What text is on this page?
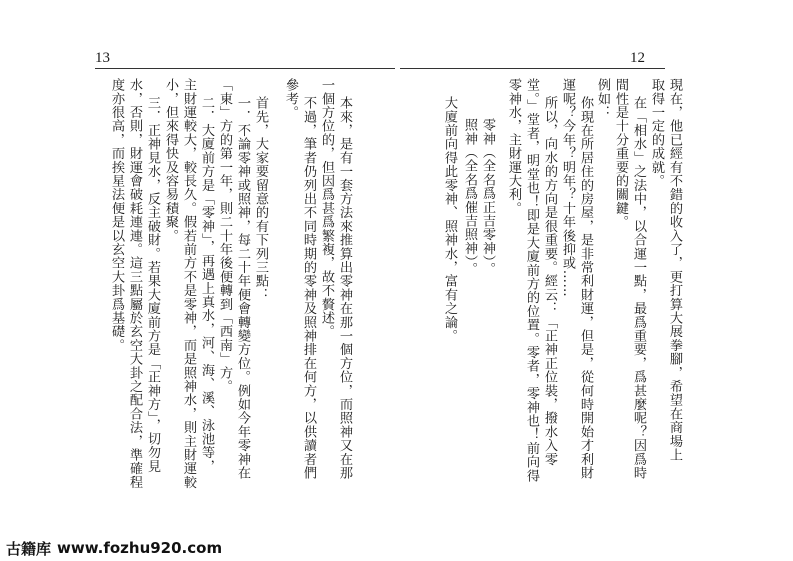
12
現在，他已經有不錯的收入了，更打算大展拳腳，希望在商場上
取得一定的成就。
在「相水」之法中，以合運一點，最爲重要，爲甚麼呢？因爲時
間性是十分重要的關鍵。
例如：
你現在所居住的房屋，是非常利財運，但是，從何時開始才利財
運呢？今年？明年？十年後抑或……
所以，向水的方向是很重要。經云：「正神正位裝，撥水入零
堂。」堂者，明堂也！即是大廈前方的位置。零者，零神也！前向得
零神水，主財運大利。
零神（全名爲正吉零神）。
照神（全名爲催吉照神）。
大廈前向得此零神、照神水，富有之論。
13
本來，是有一套方法來推算出零神在那一個方位，而照神又在那
一個方位的，但因爲甚爲繁複，故不贅述。
不過，筆者仍列出不同時期的零神及照神排在何方，以供讀者們
參考。
首先，大家要留意的有下列三點：
一．不論零神或照神，每二十年便會轉變方位。例如今年零神在
「東」方的第一年，則二十年後便轉到「西南」方。
二．大廈前方是「零神」，再遇上真水，河、海、溪、泳池等，
主財運較大，較長久。假若前方不是零神，而是照神水，則主財運較
小，但來得快及容易積聚。
三．正神見水，反主破財。若果大廈前方是「正神方」，切勿見
水，否則，財運會破耗連連。這三點屬於玄空大卦之配合法，準確程
度亦很高，而挨星法便是以玄空大卦爲基礎。
古籍库 www.fozhu920.com
